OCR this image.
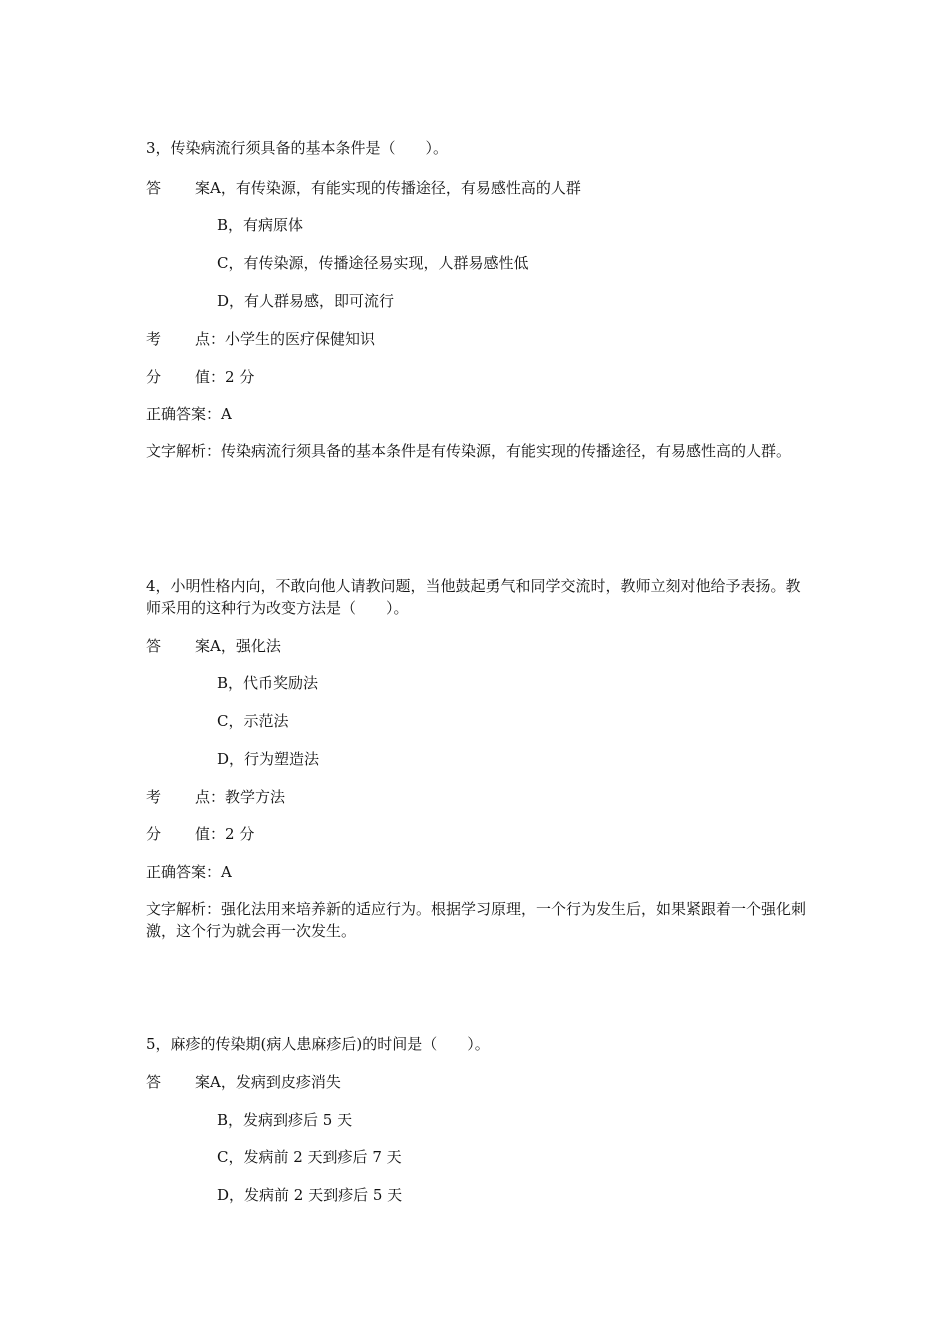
3，传染病流行须具备的基本条件是（　　）。
答 案A，有传染源，有能实现的传播途径，有易感性高的人群
B，有病原体
C，有传染源，传播途径易实现，人群易感性低
D，有人群易感，即可流行
考 点：小学生的医疗保健知识
分 值：2 分
正确答案：A
文字解析：传染病流行须具备的基本条件是有传染源，有能实现的传播途径，有易感性高的人群。
4，小明性格内向，不敢向他人请教问题，当他鼓起勇气和同学交流时，教师立刻对他给予表扬。教师采用的这种行为改变方法是（　　）。
答 案A，强化法
B，代币奖励法
C，示范法
D，行为塑造法
考 点：教学方法
分 值：2 分
正确答案：A
文字解析：强化法用来培养新的适应行为。根据学习原理，一个行为发生后，如果紧跟着一个强化刺激，这个行为就会再一次发生。
5，麻疹的传染期(病人患麻疹后)的时间是（　　）。
答 案A，发病到皮疹消失
B，发病到疹后 5 天
C，发病前 2 天到疹后 7 天
D，发病前 2 天到疹后 5 天
